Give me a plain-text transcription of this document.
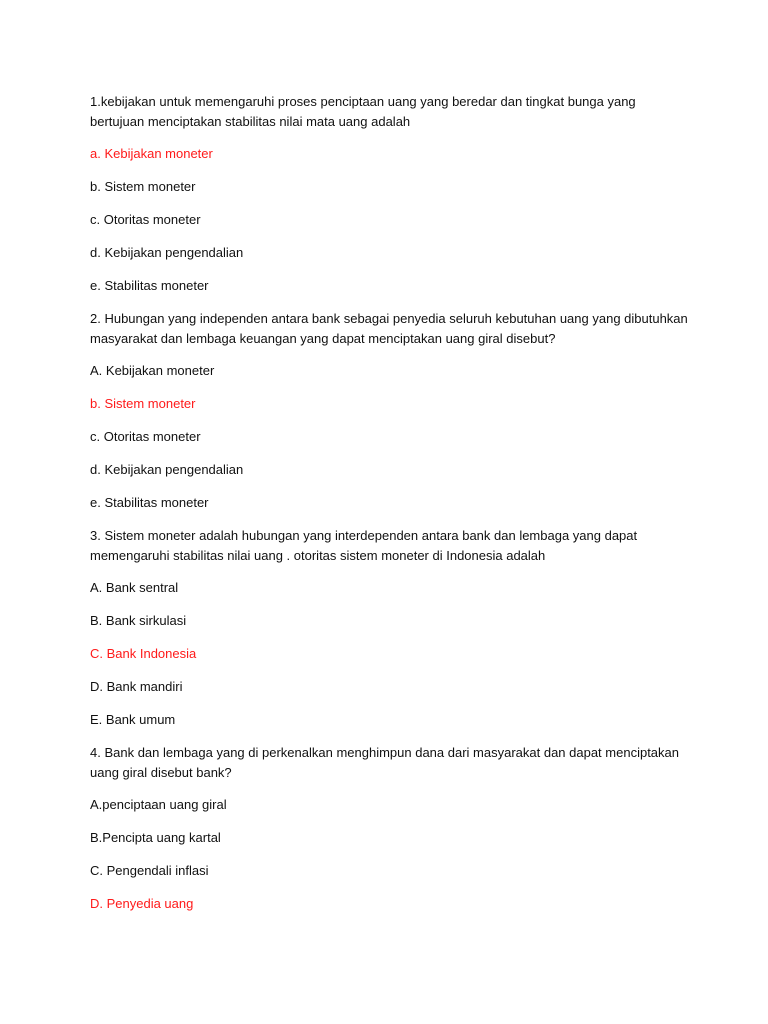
1.kebijakan untuk memengaruhi proses penciptaan uang yang beredar dan tingkat bunga yang bertujuan menciptakan stabilitas nilai mata uang adalah

a. Kebijakan moneter
b. Sistem moneter
c. Otoritas moneter
d. Kebijakan pengendalian
e. Stabilitas moneter

2. Hubungan yang independen antara bank sebagai penyedia seluruh kebutuhan uang yang dibutuhkan masyarakat dan lembaga keuangan yang dapat menciptakan uang giral disebut?

A. Kebijakan moneter
b. Sistem moneter
c. Otoritas moneter
d. Kebijakan pengendalian
e. Stabilitas moneter

3. Sistem moneter adalah hubungan yang interdependen antara bank dan lembaga yang dapat memengaruhi stabilitas nilai uang . otoritas sistem moneter di Indonesia adalah

A. Bank sentral
B. Bank sirkulasi
C. Bank Indonesia
D. Bank mandiri
E. Bank umum

4. Bank dan lembaga yang di perkenalkan menghimpun dana dari masyarakat dan dapat menciptakan uang giral disebut bank?

A.penciptaan uang giral
B.Pencipta uang kartal
C. Pengendali inflasi
D. Penyedia uang
